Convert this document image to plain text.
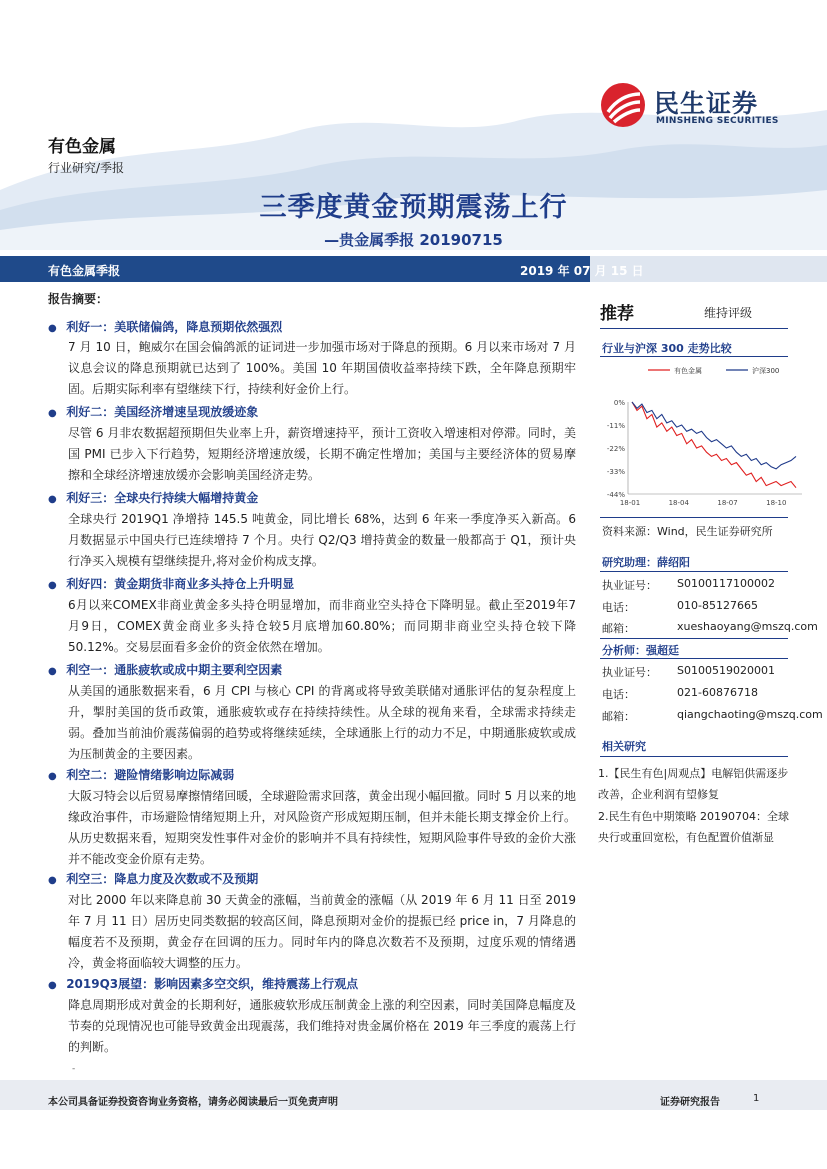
民生证券
MINSHENG SECURITIES
有色金属
行业研究/季报
三季度黄金预期震荡上行
—贵金属季报 20190715
有色金属季报	2019 年 07 月 15 日
报告摘要：
● 利好一：美联储偏鸽，降息预期依然强烈
7 月 10 日，鲍威尔在国会偏鸽派的证词进一步加强市场对于降息的预期。6 月以来市场对 7 月议息会议的降息预期就已达到了 100%。美国 10 年期国债收益率持续下跌，全年降息预期牢固。后期实际利率有望继续下行，持续利好金价上行。
● 利好二：美国经济增速呈现放缓迹象
尽管 6 月非农数据超预期但失业率上升，薪资增速持平，预计工资收入增速相对停滞。同时，美国 PMI 已步入下行趋势，短期经济增速放缓，长期不确定性增加；美国与主要经济体的贸易摩擦和全球经济增速放缓亦会影响美国经济走势。
● 利好三：全球央行持续大幅增持黄金
全球央行 2019Q1 净增持 145.5 吨黄金，同比增长 68%，达到 6 年来一季度净买入新高。6 月数据显示中国央行已连续增持 7 个月。央行 Q2/Q3 增持黄金的数量一般都高于 Q1，预计央行净买入规模有望继续提升,将对金价构成支撑。
● 利好四：黄金期货非商业多头持仓上升明显
6月以来COMEX非商业黄金多头持仓明显增加，而非商业空头持仓下降明显。截止至2019年7月9日，COMEX黄金商业多头持仓较5月底增加60.80%；而同期非商业空头持仓较下降50.12%。交易层面看多金价的资金依然在增加。
● 利空一：通胀疲软或成中期主要利空因素
从美国的通胀数据来看，6 月 CPI 与核心 CPI 的背离或将导致美联储对通胀评估的复杂程度上升，掣肘美国的货币政策，通胀疲软或存在持续持续性。从全球的视角来看，全球需求持续走弱。叠加当前油价震荡偏弱的趋势或将继续延续，全球通胀上行的动力不足，中期通胀疲软或成为压制黄金的主要因素。
● 利空二：避险情绪影响边际减弱
大阪习特会以后贸易摩擦情绪回暖，全球避险需求回落，黄金出现小幅回撤。同时 5 月以来的地缘政治事件，市场避险情绪短期上升，对风险资产形成短期压制，但并未能长期支撑金价上行。从历史数据来看，短期突发性事件对金价的影响并不具有持续性，短期风险事件导致的金价大涨并不能改变金价原有走势。
● 利空三：降息力度及次数或不及预期
对比 2000 年以来降息前 30 天黄金的涨幅，当前黄金的涨幅（从 2019 年 6 月 11 日至 2019 年 7 月 11 日）居历史同类数据的较高区间，降息预期对金价的提振已经 price in，7 月降息的幅度若不及预期，黄金存在回调的压力。同时年内的降息次数若不及预期，过度乐观的情绪遇冷，黄金将面临较大调整的压力。
● 2019Q3展望：影响因素多空交织，维持震荡上行观点
降息周期形成对黄金的长期利好，通胀疲软形成压制黄金上涨的利空因素，同时美国降息幅度及节奏的兑现情况也可能导致黄金出现震荡，我们维持对贵金属价格在 2019 年三季度的震荡上行的判断。
-
推荐	维持评级
行业与沪深 300 走势比较
0%
-11%
-22%
-33%
-44%
18-01	18-04	18-07	18-10
有色金属	沪深300
资料来源：Wind，民生证券研究所
研究助理：薛绍阳
执业证号： S0100117100002
电话：	010-85127665
邮箱：	xueshaoyang@mszq.com
分析师：强超廷
执业证号： S0100519020001
电话：	021-60876718
邮箱：	qiangchaoting@mszq.com
相关研究
1.【民生有色|周观点】电解铝供需逐步改善，企业利润有望修复
2.民生有色中期策略 20190704：全球央行或重回宽松，有色配置价值渐显
本公司具备证券投资咨询业务资格，请务必阅读最后一页免责声明	证券研究报告	1
